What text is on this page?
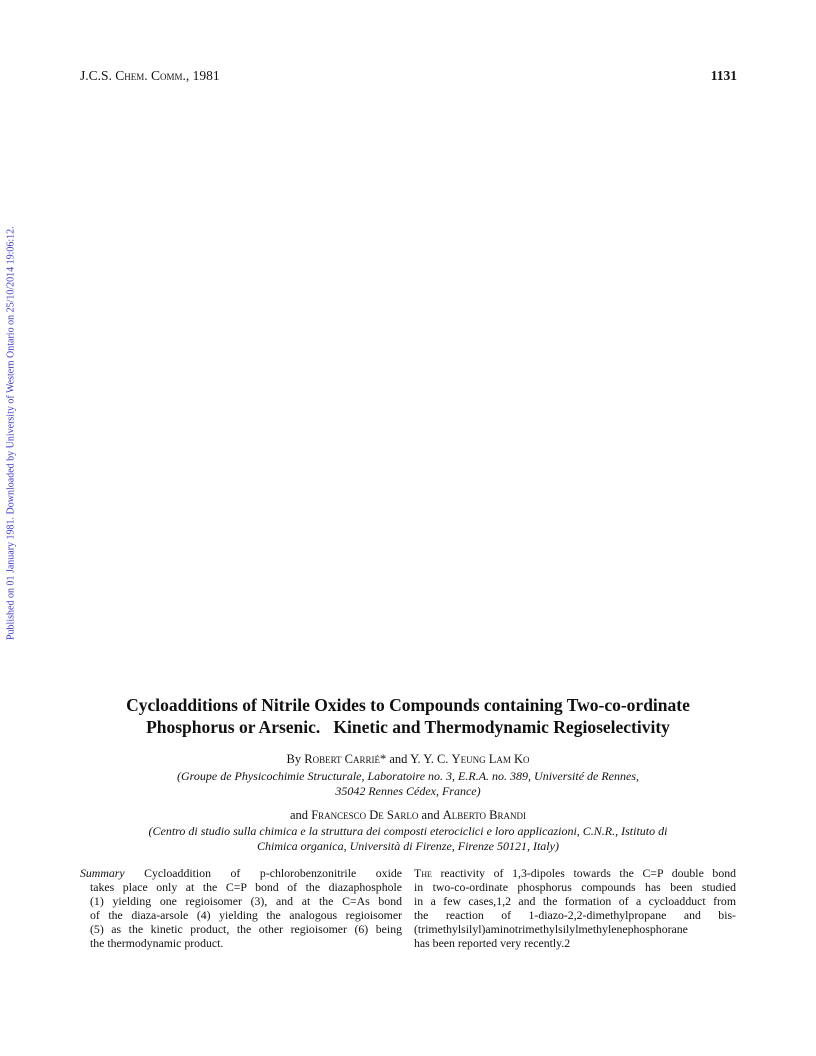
J.C.S. Chem. Comm., 1981	1131
Published on 01 January 1981. Downloaded by University of Western Ontario on 25/10/2014 19:06:12.
Cycloadditions of Nitrile Oxides to Compounds containing Two-co-ordinate
Phosphorus or Arsenic.   Kinetic and Thermodynamic Regioselectivity
By Robert Carrié* and Y. Y. C. Yeung Lam Ko
(Groupe de Physicochimie Structurale, Laboratoire no. 3, E.R.A. no. 389, Université de Rennes,
35042 Rennes Cédex, France)
and Francesco De Sarlo and Alberto Brandi
(Centro di studio sulla chimica e la struttura dei composti eterociclici e loro applicazioni, C.N.R., Istituto di
Chimica organica, Università di Firenze, Firenze 50121, Italy)
Summary Cycloaddition of p-chlorobenzonitrile oxide
takes place only at the C=P bond of the diazaphosphole
(1) yielding one regioisomer (3), and at the C=As bond
of the diaza-arsole (4) yielding the analogous regioisomer
(5) as the kinetic product, the other regioisomer (6) being
the thermodynamic product.
The reactivity of 1,3-dipoles towards the C=P double bond
in two-co-ordinate phosphorus compounds has been studied
in a few cases,1,2 and the formation of a cycloadduct from
the reaction of 1-diazo-2,2-dimethylpropane and bis-
(trimethylsilyl)aminotrimethylsilylmethylenephosphorane
has been reported very recently.2
